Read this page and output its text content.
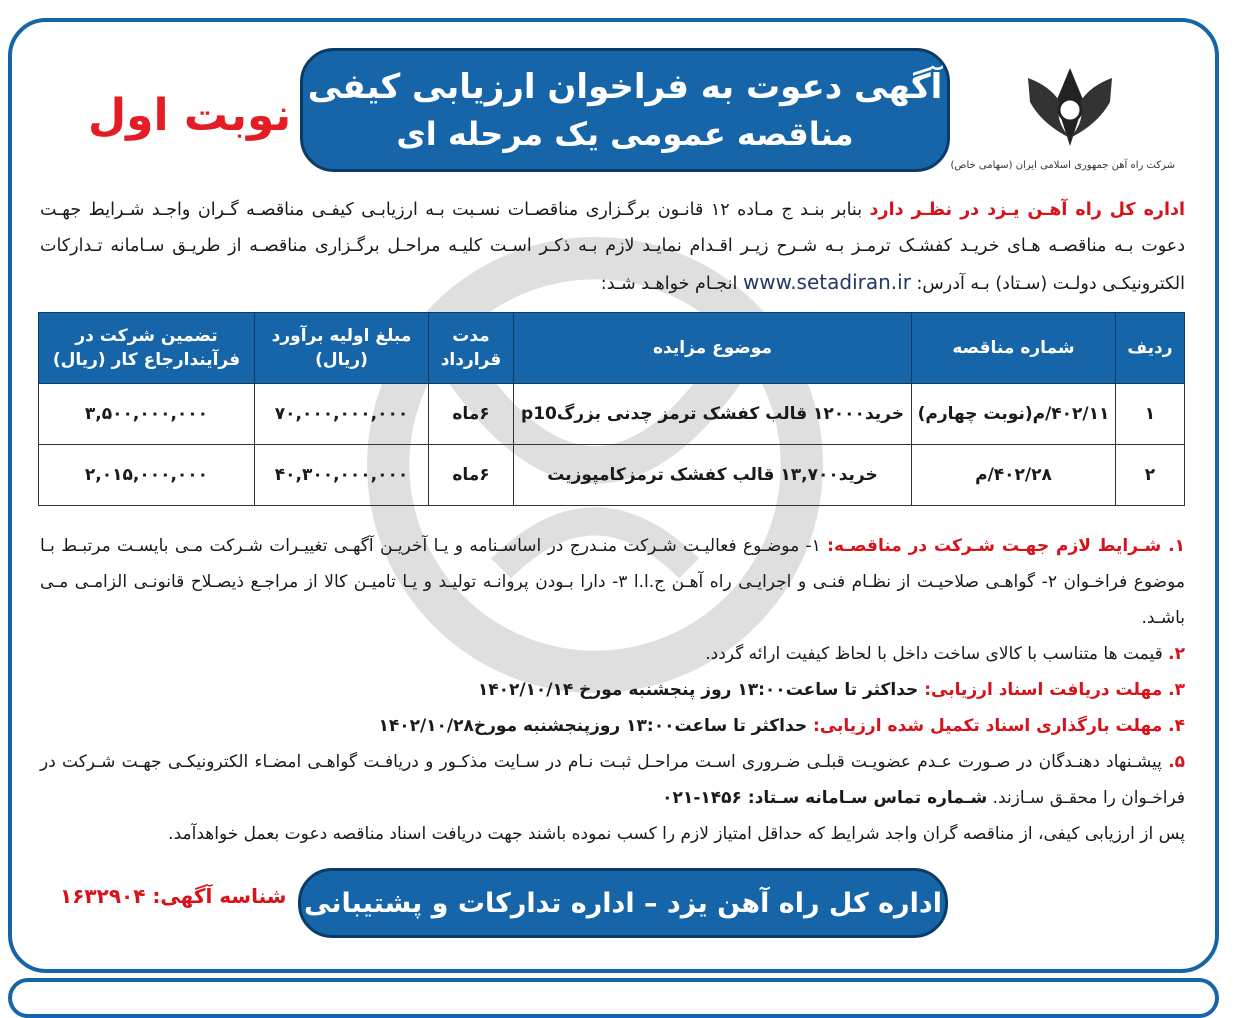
شرکت راه آهن جمهوری اسلامی ایران (سهامی خاص)
آگهی دعوت به فراخوان ارزیابی کیفی
مناقصه عمومی یک مرحله ای
نوبت اول
اداره کل راه آهـن یـزد در نظـر دارد بنابر بنـد ج مـاده ۱۲ قانـون برگـزاری مناقصـات نسـبت بـه ارزیابـی کیفـی مناقصـه گـران واجـد شـرایط جهـت دعوت بـه مناقصـه هـای خریـد کفشـک ترمـز بـه شـرح زیـر اقـدام نمایـد لازم بـه ذکـر اسـت کلیـه مراحـل برگـزاری مناقصـه از طریـق سـامانه تـدارکات الکترونیکـی دولـت (سـتاد) بـه آدرس: www.setadiran.ir انجـام خواهـد شـد:
ردیف	شماره مناقصه	موضوع مزایده	مدت قرارداد	مبلغ اولیه برآورد (ریال)	تضمین شرکت در فرآیندارجاع کار (ریال)
۱	۴۰۲/۱۱/م(نوبت چهارم)	خرید۱۲۰۰۰ قالب کفشک ترمز چدنی بزرگp10	۶ماه	۷۰,۰۰۰,۰۰۰,۰۰۰	۳,۵۰۰,۰۰۰,۰۰۰
۲	۴۰۲/۲۸/م	خرید۱۳,۷۰۰ قالب کفشک ترمزکامپوزیت	۶ماه	۴۰,۳۰۰,۰۰۰,۰۰۰	۲,۰۱۵,۰۰۰,۰۰۰

۱. شـرایط لازم جهـت شـرکت در مناقصـه: ۱- موضـوع فعالیـت شـرکت منـدرج در اساسـنامه و یـا آخریـن آگهـی تغییـرات شـرکت مـی بایسـت مرتبـط بـا موضوع فراخـوان ۲- گواهـی صلاحیـت از نظـام فنـی و اجرایـی راه آهـن ج.ا.ا ۳- دارا بـودن پروانـه تولیـد و یـا تامیـن کالا از مراجـع ذیصـلاح قانونـی الزامـی مـی باشـد.

۲. قیمت ها متناسب با کالای ساخت داخل با لحاظ کیفیت ارائه گردد.

۳. مهلت دریافت اسناد ارزیابی: حداکثر تا ساعت۱۳:۰۰ روز پنجشنبه مورخ ۱۴۰۲/۱۰/۱۴

۴. مهلت بارگذاری اسناد تکمیل شده ارزیابی: حداکثر تا ساعت۱۳:۰۰ روزپنجشنبه مورخ۱۴۰۲/۱۰/۲۸

۵. پیشـنهاد دهنـدگان در صـورت عـدم عضویـت قبلـی ضـروری اسـت مراحـل ثبـت نـام در سـایت مذکـور و دریافـت گواهـی امضـاء الکترونیکـی جهـت شـرکت در فراخـوان را محقـق سـازند. شـماره تماس سـامانه سـتاد: ۱۴۵۶-۰۲۱

پس از ارزیابی کیفی، از مناقصه گران واجد شرایط که حداقل امتیاز لازم را کسب نموده باشند جهت دریافت اسناد مناقصه دعوت بعمل خواهدآمد.

اداره کل راه آهن یزد – اداره تدارکات و پشتیبانی
شناسه آگهی: ۱۶۳۲۹۰۴
